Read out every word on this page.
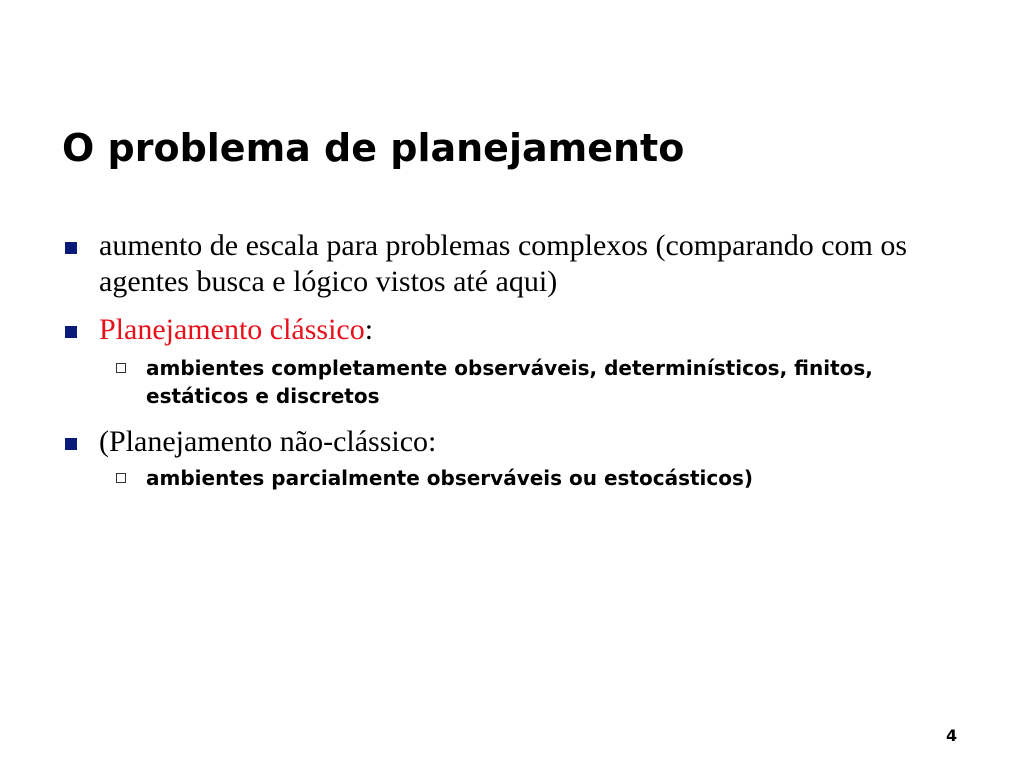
O problema de planejamento
aumento de escala para problemas complexos (comparando com os agentes busca e lógico vistos até aqui)
Planejamento clássico:
ambientes completamente observáveis, determinísticos, finitos, estáticos e discretos
(Planejamento não-clássico:
ambientes parcialmente observáveis ou estocásticos)
4
